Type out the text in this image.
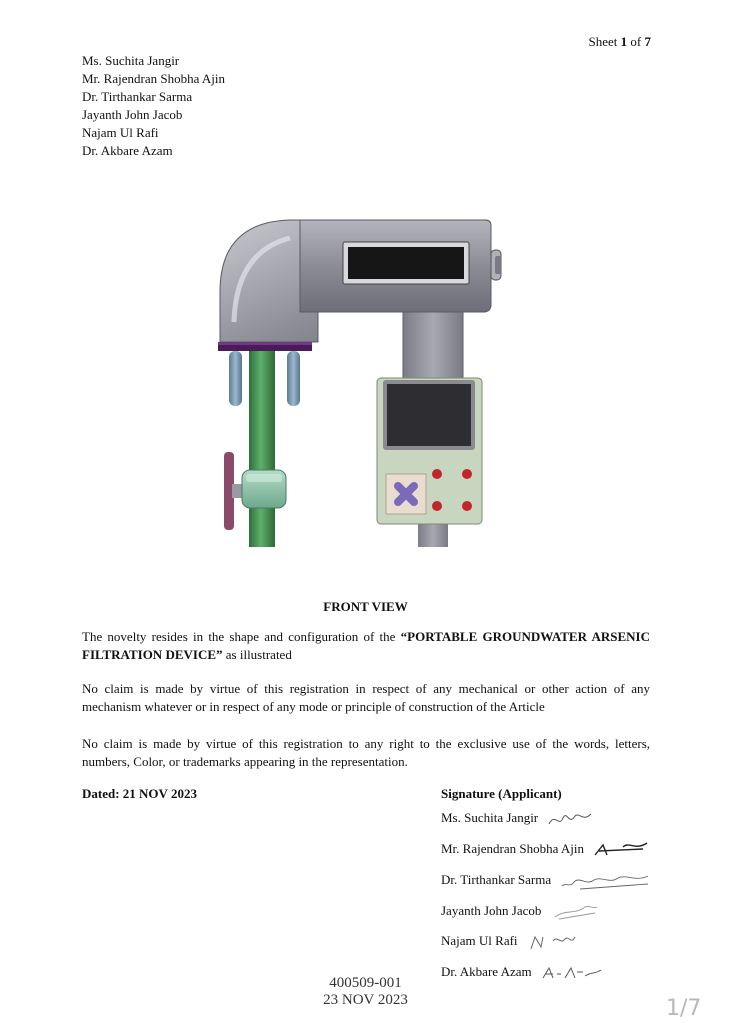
Sheet 1 of 7
Ms. Suchita Jangir
Mr. Rajendran Shobha Ajin
Dr. Tirthankar Sarma
Jayanth John Jacob
Najam Ul Rafi
Dr. Akbare Azam
FRONT VIEW
The novelty resides in the shape and configuration of the “PORTABLE GROUNDWATER ARSENIC FILTRATION DEVICE” as illustrated
No claim is made by virtue of this registration in respect of any mechanical or other action of any mechanism whatever or in respect of any mode or principle of construction of the Article
No claim is made by virtue of this registration to any right to the exclusive use of the words, letters, numbers, Color, or trademarks appearing in the representation.
Dated: 21 NOV 2023	Signature (Applicant)
Ms. Suchita Jangir
Mr. Rajendran Shobha Ajin
Dr. Tirthankar Sarma
Jayanth John Jacob
Najam Ul Rafi
Dr. Akbare Azam
400509-001
23 NOV 2023	1/7
